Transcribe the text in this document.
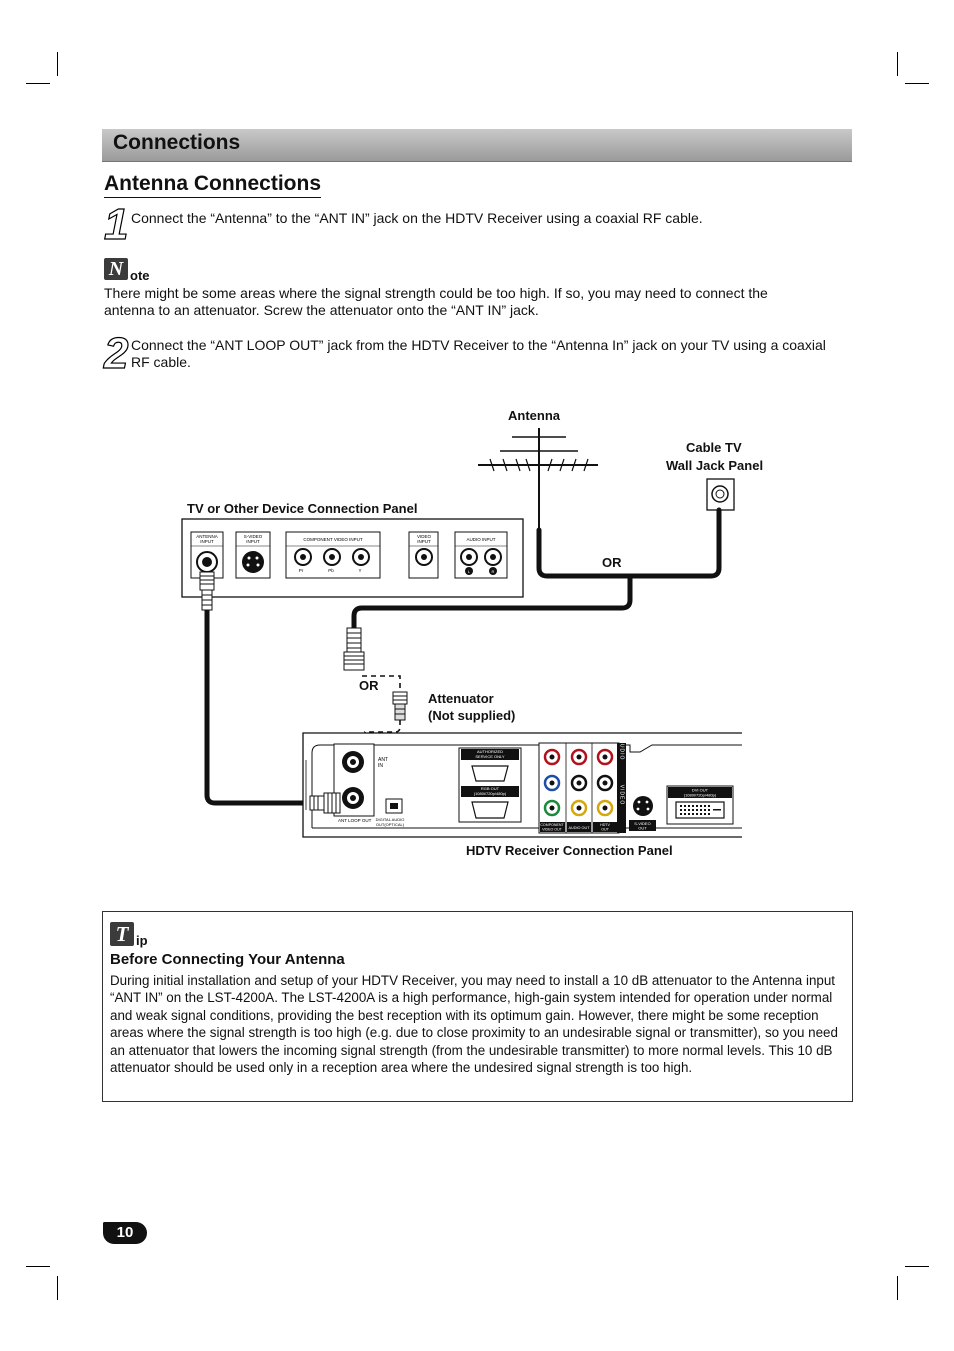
Connections
Antenna Connections
1 Connect the “Antenna” to the “ANT IN” jack on the HDTV Receiver using a coaxial RF cable.
N ote
There might be some areas where the signal strength could be too high. If so, you may need to connect the antenna to an attenuator. Screw the attenuator onto the “ANT IN” jack.
2 Connect the “ANT LOOP OUT” jack from the HDTV Receiver to the “Antenna In” jack on your TV using a coaxial RF cable.
Antenna
Cable TV
Wall Jack Panel
TV or Other Device Connection Panel
OR
OR
Attenuator
(Not supplied)
HDTV Receiver Connection Panel
ANTENNA
INPUT
S-VIDEO
INPUT	COMPONENT VIDEO INPUT
Pr	Pb	Y
VIDEO
INPUT	AUDIO INPUT
L	R
ANT
IN
ANT LOOP OUT DIGITAL AUDIO
OUT(OPTICAL)
AUTHORIZED
SERVICE ONLY
RGB OUT
(1080i/720p/480p)
COMPONENT
VIDEO OUT AUDIO OUT
HDTV
OUT
AUDIO
VIDEO
S-VIDEO
OUT
DVI OUT
(1080i/720p/480p)
T ip
Before Connecting Your Antenna
During initial installation and setup of your HDTV Receiver, you may need to install a 10 dB attenuator to the Antenna input “ANT IN” on the LST-4200A. The LST-4200A is a high performance, high-gain system intended for operation under normal and weak signal conditions, providing the best reception with its optimum gain. However, there might be some reception areas where the signal strength is too high (e.g. due to close proximity to an undesirable signal or transmitter), so you need an attenuator that lowers the incoming signal strength (from the undesirable transmitter) to more normal levels. This 10 dB attenuator should be used only in a reception area where the undesired signal strength is too high.
10
